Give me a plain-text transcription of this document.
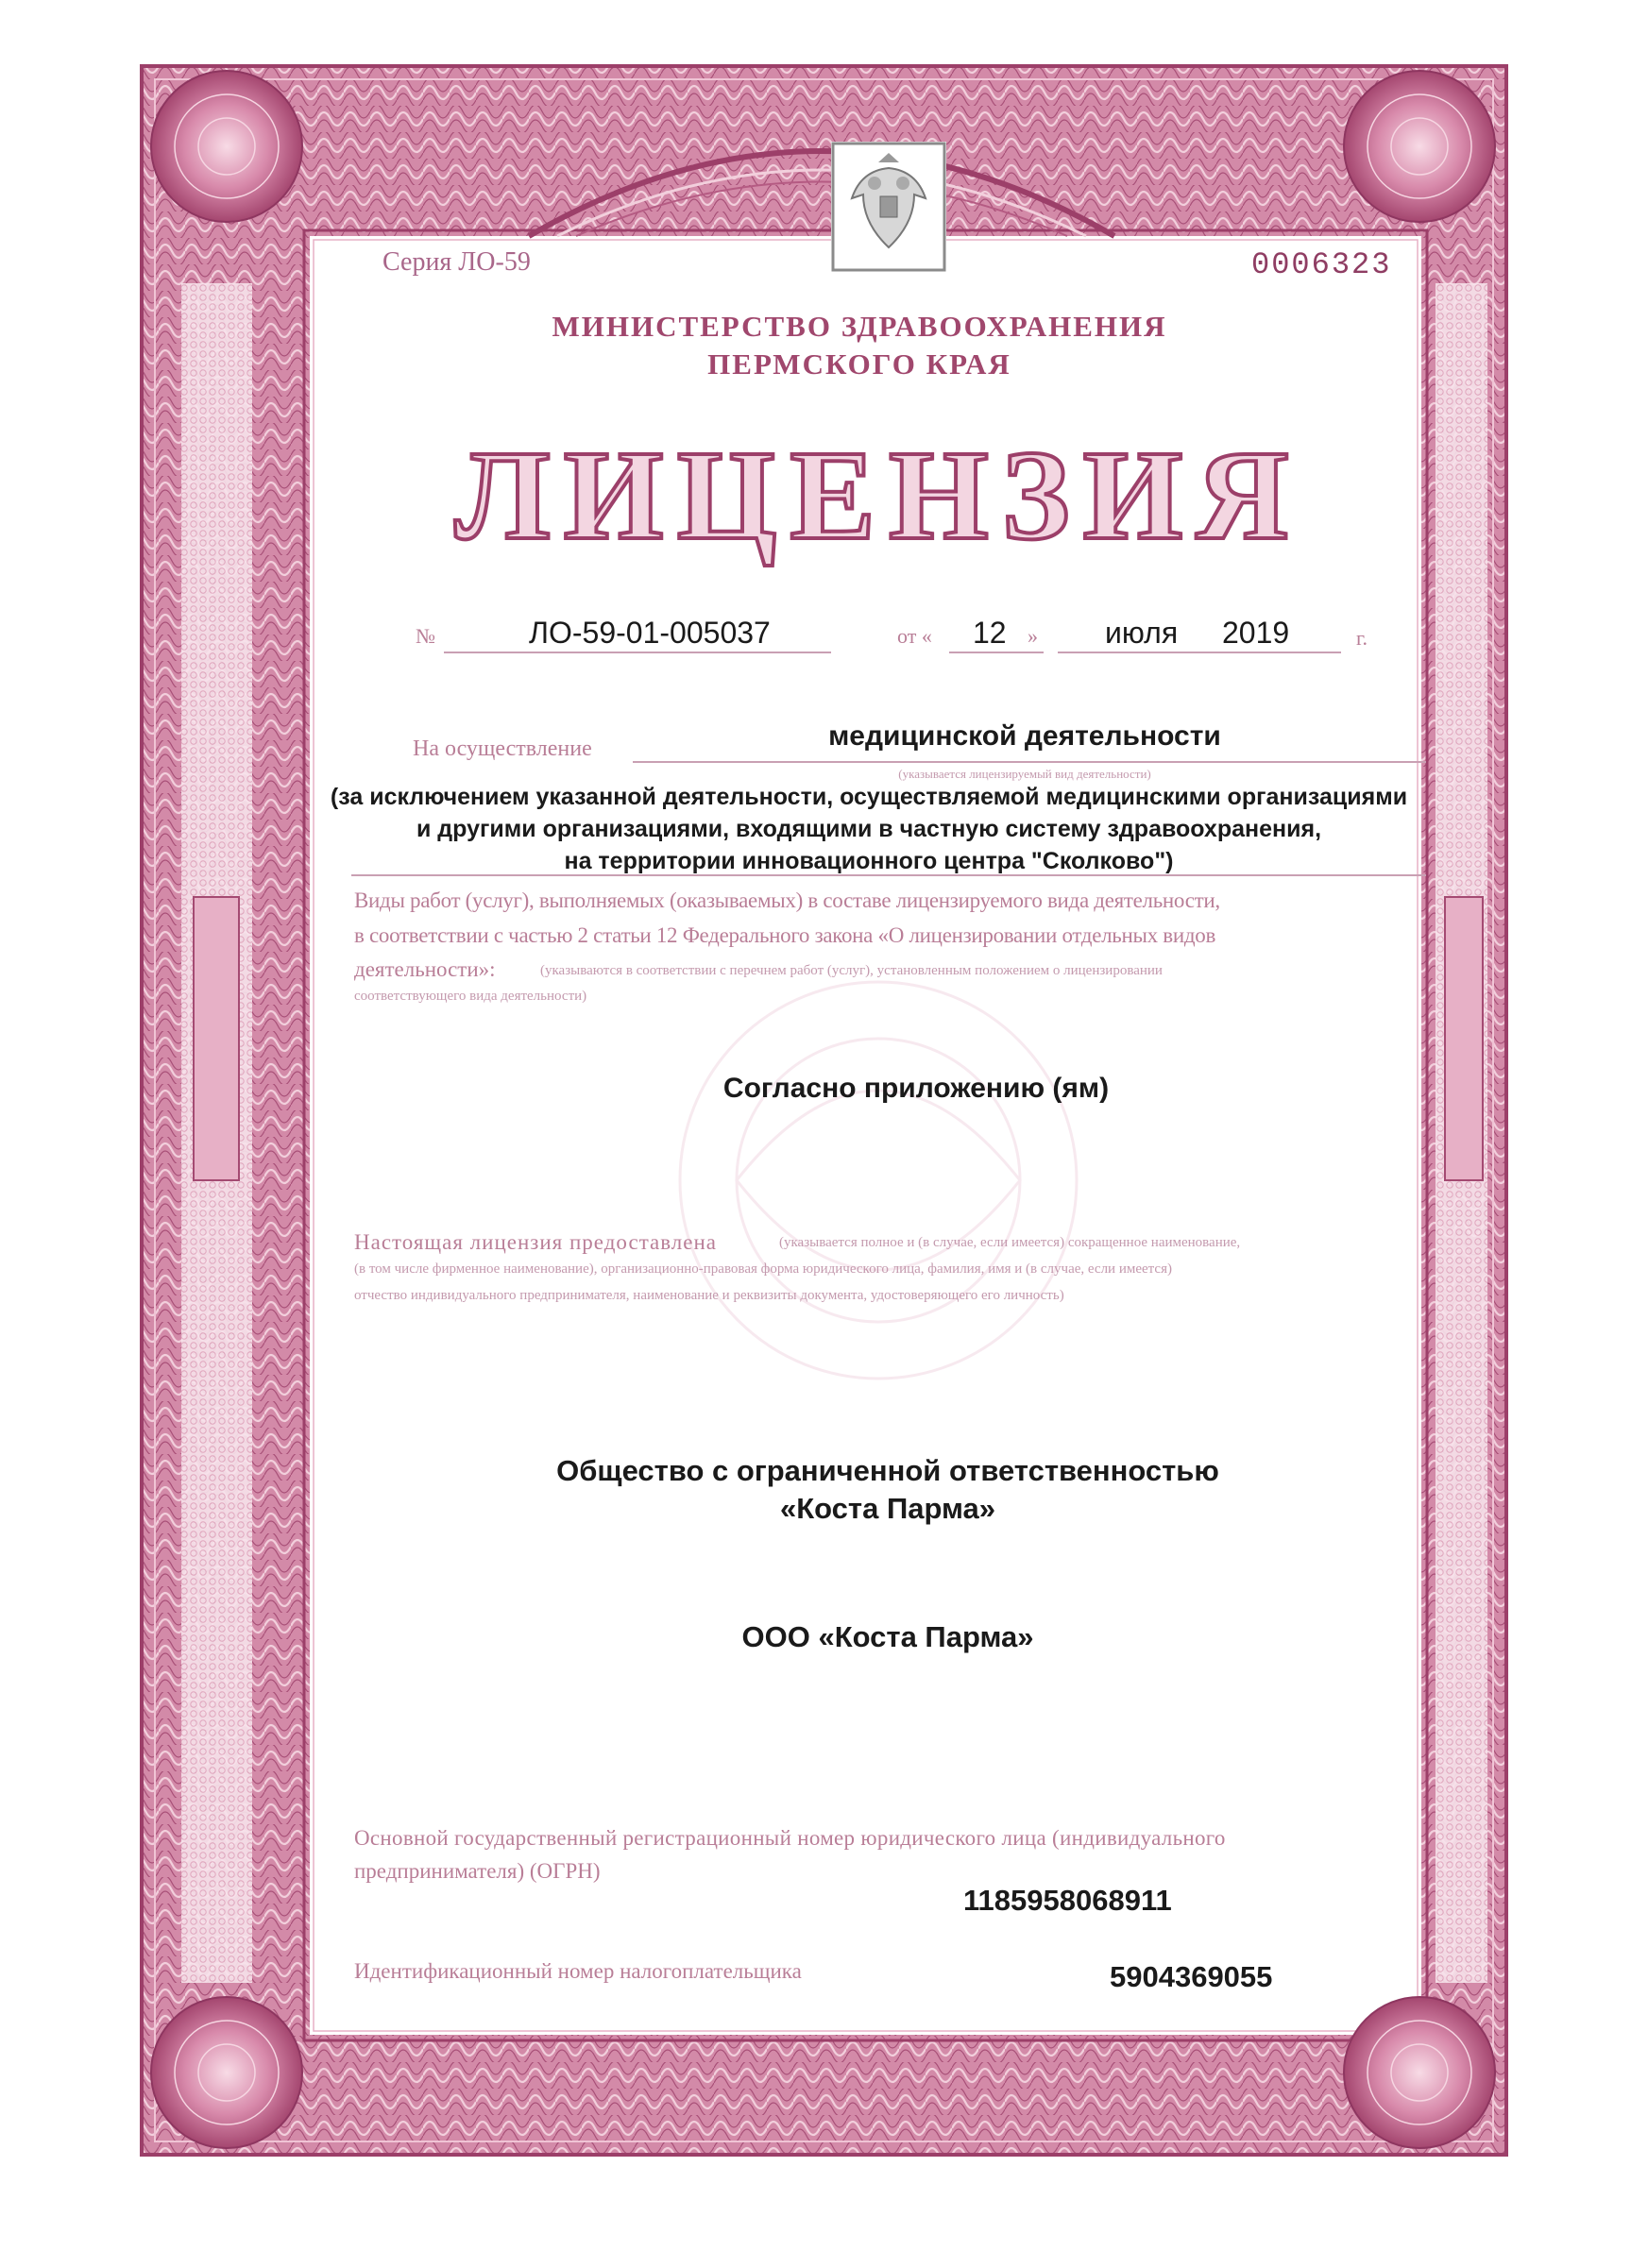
Серия ЛО-59	0006323
МИНИСТЕРСТВО ЗДРАВООХРАНЕНИЯ
ПЕРМСКОГО КРАЯ
ЛИЦЕНЗИЯ
№	ЛО-59-01-005037	от « 12 » июля 2019	г.
На осуществление	медицинской деятельности
(указывается лицензируемый вид деятельности)
(за исключением указанной деятельности, осуществляемой медицинскими организациями
и другими организациями, входящими в частную систему здравоохранения,
на территории инновационного центра "Сколково")
Виды работ (услуг), выполняемых (оказываемых) в составе лицензируемого вида деятельности,
в соответствии с частью 2 статьи 12 Федерального закона «О лицензировании отдельных видов
деятельности»:	(указываются в соответствии с перечнем работ (услуг), установленным положением о лицензировании
соответствующего вида деятельности)
Согласно приложению (ям)
Настоящая лицензия предоставлена	(указывается полное и (в случае, если имеется) сокращенное наименование,
(в том числе фирменное наименование), организационно-правовая форма юридического лица, фамилия, имя и (в случае, если имеется)
отчество индивидуального предпринимателя, наименование и реквизиты документа, удостоверяющего его личность)
Общество с ограниченной ответственностью
«Коста Парма»
ООО «Коста Парма»
Основной государственный регистрационный номер юридического лица (индивидуального
предпринимателя) (ОГРН)
1185958068911
Идентификационный номер налогоплательщика	5904369055
